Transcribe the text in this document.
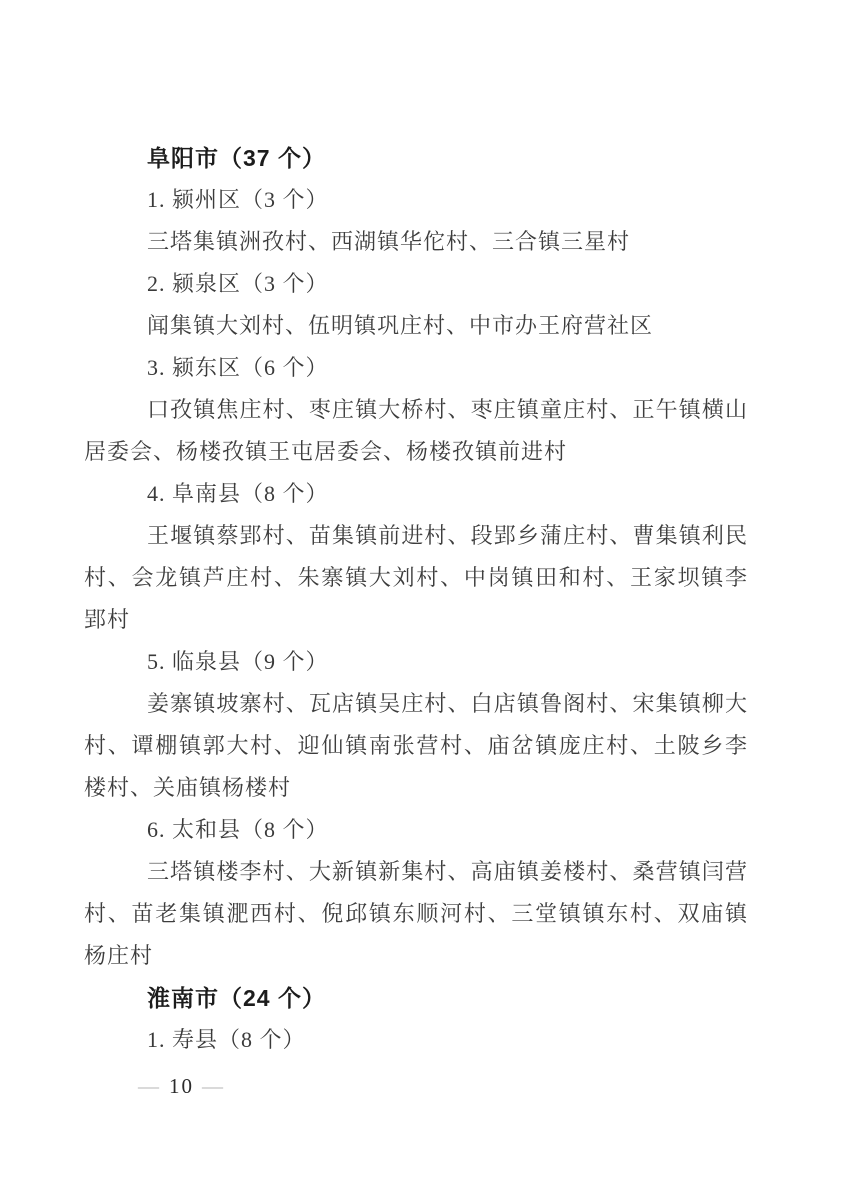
阜阳市（37 个）

1. 颍州区（3 个）

三塔集镇洲孜村、西湖镇华佗村、三合镇三星村

2. 颍泉区（3 个）

闻集镇大刘村、伍明镇巩庄村、中市办王府营社区

3. 颍东区（6 个）

口孜镇焦庄村、枣庄镇大桥村、枣庄镇童庄村、正午镇横山居委会、杨楼孜镇王屯居委会、杨楼孜镇前进村

4. 阜南县（8 个）

王堰镇蔡郢村、苗集镇前进村、段郢乡蒲庄村、曹集镇利民村、会龙镇芦庄村、朱寨镇大刘村、中岗镇田和村、王家坝镇李郢村

5. 临泉县（9 个）

姜寨镇坡寨村、瓦店镇吴庄村、白店镇鲁阁村、宋集镇柳大村、谭棚镇郭大村、迎仙镇南张营村、庙岔镇庞庄村、土陂乡李楼村、关庙镇杨楼村

6. 太和县（8 个）

三塔镇楼李村、大新镇新集村、高庙镇姜楼村、桑营镇闫营村、苗老集镇淝西村、倪邱镇东顺河村、三堂镇镇东村、双庙镇杨庄村

淮南市（24 个）

1. 寿县（8 个）

— 10 —
